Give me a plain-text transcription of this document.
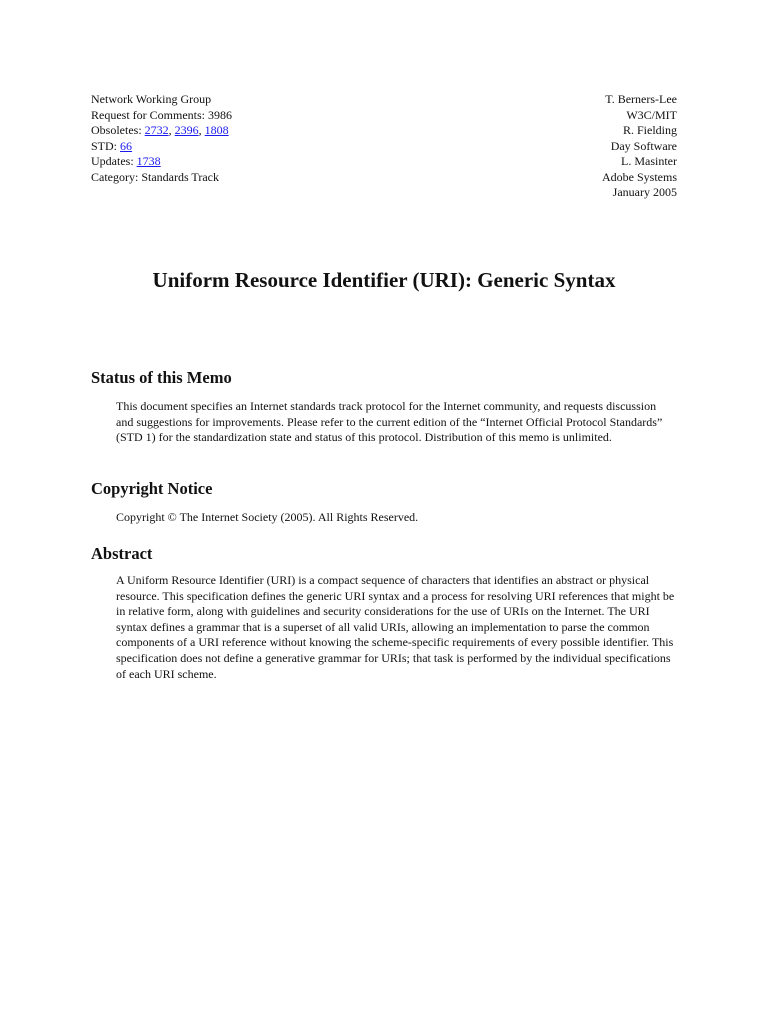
Network Working Group
Request for Comments: 3986
Obsoletes: 2732, 2396, 1808
STD: 66
Updates: 1738
Category: Standards Track
T. Berners-Lee
W3C/MIT
R. Fielding
Day Software
L. Masinter
Adobe Systems
January 2005
Uniform Resource Identifier (URI): Generic Syntax
Status of this Memo

This document specifies an Internet standards track protocol for the Internet community, and requests discussion and suggestions for improvements. Please refer to the current edition of the “Internet Official Protocol Standards” (STD 1) for the standardization state and status of this protocol. Distribution of this memo is unlimited.

Copyright Notice

Copyright © The Internet Society (2005). All Rights Reserved.

Abstract

A Uniform Resource Identifier (URI) is a compact sequence of characters that identifies an abstract or physical resource. This specification defines the generic URI syntax and a process for resolving URI references that might be in relative form, along with guidelines and security considerations for the use of URIs on the Internet. The URI syntax defines a grammar that is a superset of all valid URIs, allowing an implementation to parse the common components of a URI reference without knowing the scheme-specific requirements of every possible identifier. This specification does not define a generative grammar for URIs; that task is performed by the individual specifications of each URI scheme.
